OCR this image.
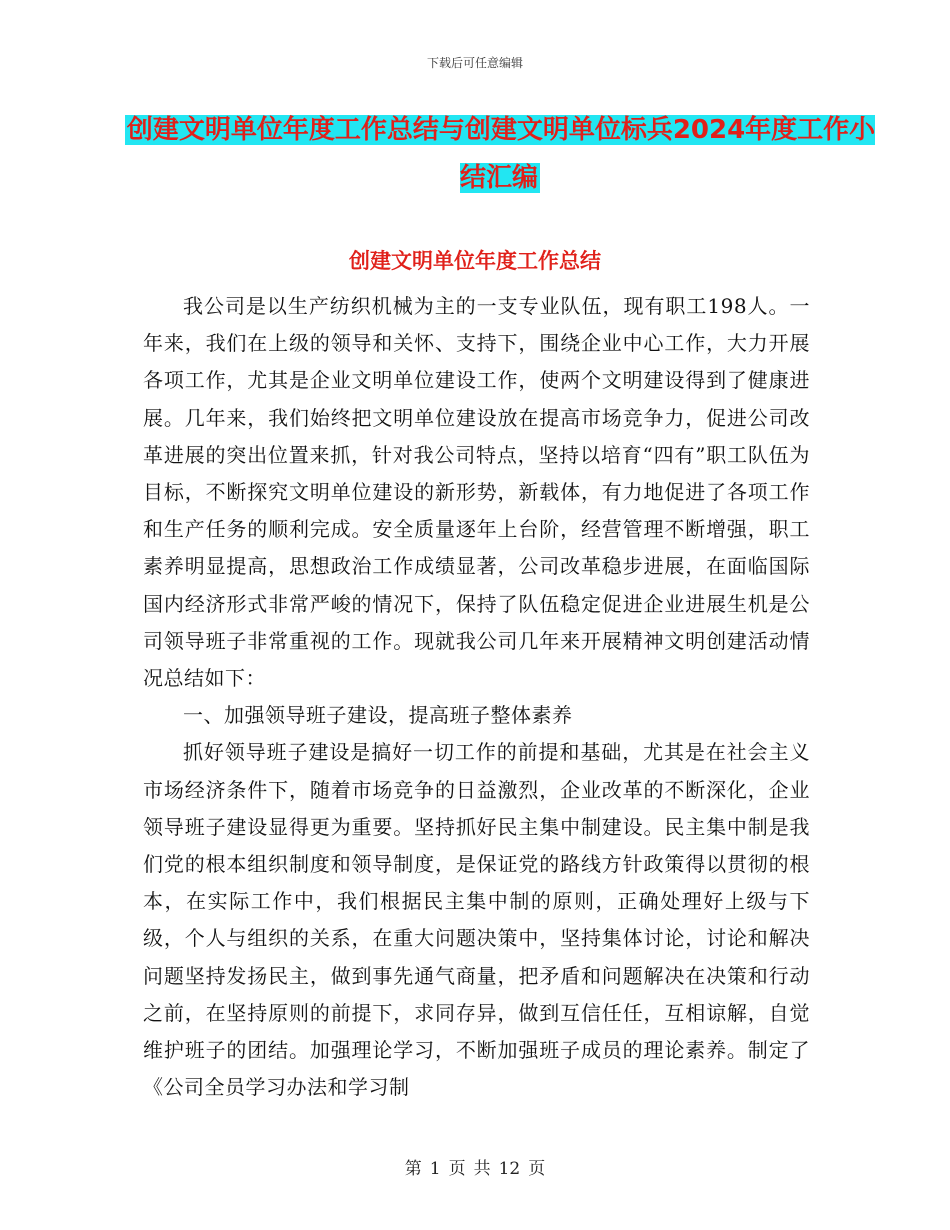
下载后可任意编辑
创建文明单位年度工作总结与创建文明单位标兵2024年度工作小结汇编
创建文明单位年度工作总结

我公司是以生产纺织机械为主的一支专业队伍，现有职工198人。一年来，我们在上级的领导和关怀、支持下，围绕企业中心工作，大力开展各项工作，尤其是企业文明单位建设工作，使两个文明建设得到了健康进展。几年来，我们始终把文明单位建设放在提高市场竞争力，促进公司改革进展的突出位置来抓，针对我公司特点，坚持以培育“四有”职工队伍为目标，不断探究文明单位建设的新形势，新载体，有力地促进了各项工作和生产任务的顺利完成。安全质量逐年上台阶，经营管理不断增强，职工素养明显提高，思想政治工作成绩显著，公司改革稳步进展，在面临国际国内经济形式非常严峻的情况下，保持了队伍稳定促进企业进展生机是公司领导班子非常重视的工作。现就我公司几年来开展精神文明创建活动情况总结如下：

一、加强领导班子建设，提高班子整体素养

抓好领导班子建设是搞好一切工作的前提和基础，尤其是在社会主义市场经济条件下，随着市场竞争的日益激烈，企业改革的不断深化，企业领导班子建设显得更为重要。坚持抓好民主集中制建设。民主集中制是我们党的根本组织制度和领导制度，是保证党的路线方针政策得以贯彻的根本，在实际工作中，我们根据民主集中制的原则，正确处理好上级与下级，个人与组织的关系，在重大问题决策中，坚持集体讨论，讨论和解决问题坚持发扬民主，做到事先通气商量，把矛盾和问题解决在决策和行动之前，在坚持原则的前提下，求同存异，做到互信任任，互相谅解，自觉维护班子的团结。加强理论学习，不断加强班子成员的理论素养。制定了《公司全员学习办法和学习制

第 1 页 共 12 页
